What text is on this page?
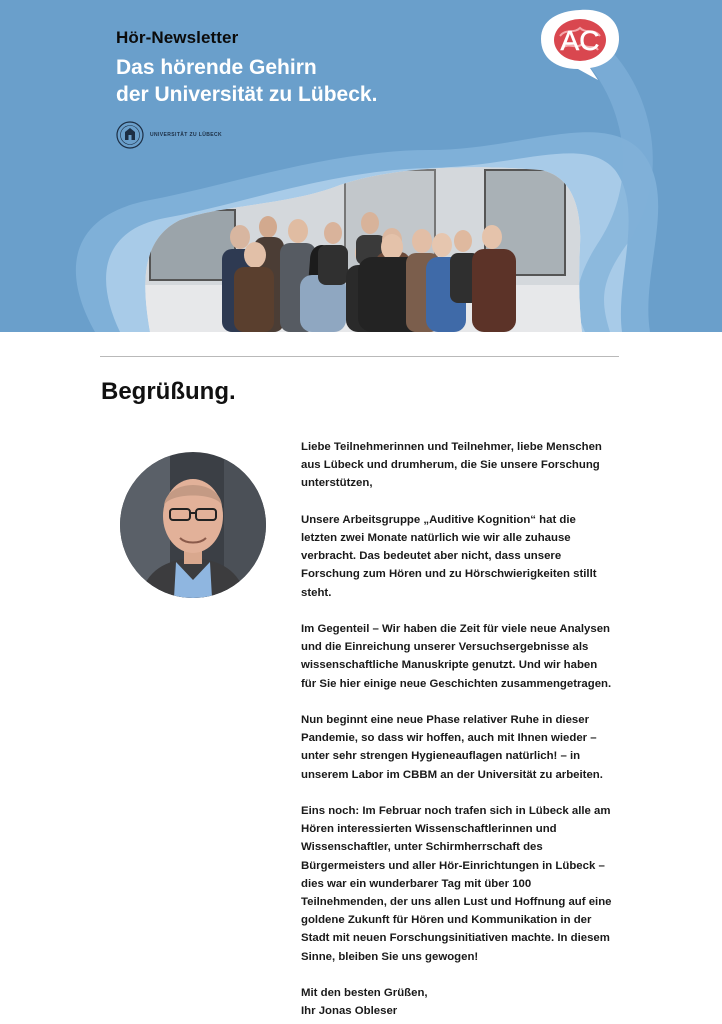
Hör-Newsletter
Das hörende Gehirn
der Universität zu Lübeck.
UNIVERSITÄT ZU LÜBECK
AC
Begrüßung.

Liebe Teilnehmerinnen und Teilnehmer, liebe Menschen aus Lübeck und drumherum, die Sie unsere Forschung unterstützen,

Unsere Arbeitsgruppe „Auditive Kognition“ hat die letzten zwei Monate natürlich wie wir alle zuhause verbracht. Das bedeutet aber nicht, dass unsere Forschung zum Hören und zu Hörschwierigkeiten stillt steht.

Im Gegenteil – Wir haben die Zeit für viele neue Analysen und die Einreichung unserer Versuchsergebnisse als wissenschaftliche Manuskripte genutzt. Und wir haben für Sie hier einige neue Geschichten zusammengetragen.

Nun beginnt eine neue Phase relativer Ruhe in dieser Pandemie, so dass wir hoffen, auch mit Ihnen wieder – unter sehr strengen Hygieneauflagen natürlich! – in unserem Labor im CBBM an der Universität zu arbeiten.

Eins noch: Im Februar noch trafen sich in Lübeck alle am Hören interessierten Wissenschaftlerinnen und Wissenschaftler, unter Schirmherrschaft des Bürgermeisters und aller Hör-Einrichtungen in Lübeck – dies war ein wunderbarer Tag mit über 100 Teilnehmenden, der uns allen Lust und Hoffnung auf eine goldene Zukunft für Hören und Kommunikation in der Stadt mit neuen Forschungsinitiativen machte. In diesem Sinne, bleiben Sie uns gewogen!

Mit den besten Grüßen,
Ihr Jonas Obleser
